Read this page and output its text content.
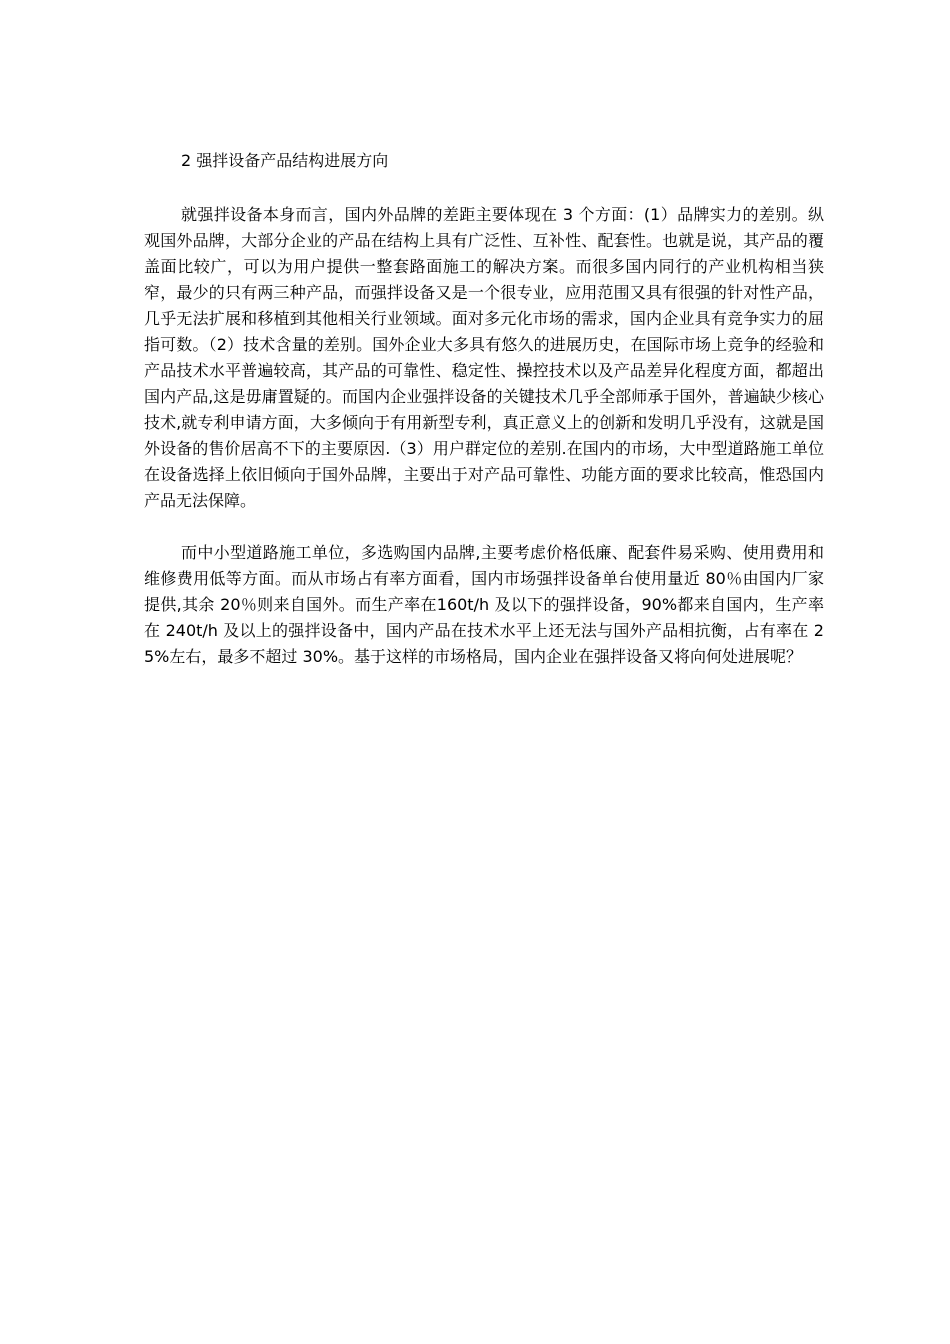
2 强拌设备产品结构进展方向

就强拌设备本身而言，国内外品牌的差距主要体现在 3 个方面：(1）品牌实力的差别。纵观国外品牌，大部分企业的产品在结构上具有广泛性、互补性、配套性。也就是说，其产品的覆盖面比较广，可以为用户提供一整套路面施工的解决方案。而很多国内同行的产业机构相当狭窄，最少的只有两三种产品，而强拌设备又是一个很专业，应用范围又具有很强的针对性产品，几乎无法扩展和移植到其他相关行业领域。面对多元化市场的需求，国内企业具有竞争实力的屈指可数。（2）技术含量的差别。国外企业大多具有悠久的进展历史，在国际市场上竞争的经验和产品技术水平普遍较高，其产品的可靠性、稳定性、操控技术以及产品差异化程度方面，都超出国内产品,这是毋庸置疑的。而国内企业强拌设备的关键技术几乎全部师承于国外，普遍缺少核心技术,就专利申请方面，大多倾向于有用新型专利，真正意义上的创新和发明几乎没有，这就是国外设备的售价居高不下的主要原因.（3）用户群定位的差别.在国内的市场，大中型道路施工单位在设备选择上依旧倾向于国外品牌，主要出于对产品可靠性、功能方面的要求比较高，惟恐国内产品无法保障。

而中小型道路施工单位，多选购国内品牌,主要考虑价格低廉、配套件易采购、使用费用和维修费用低等方面。而从市场占有率方面看，国内市场强拌设备单台使用量近 80％由国内厂家提供,其余 20％则来自国外。而生产率在160t/h 及以下的强拌设备，90%都来自国内，生产率在 240t/h 及以上的强拌设备中，国内产品在技术水平上还无法与国外产品相抗衡，占有率在 25%左右，最多不超过 30%。基于这样的市场格局，国内企业在强拌设备又将向何处进展呢？
